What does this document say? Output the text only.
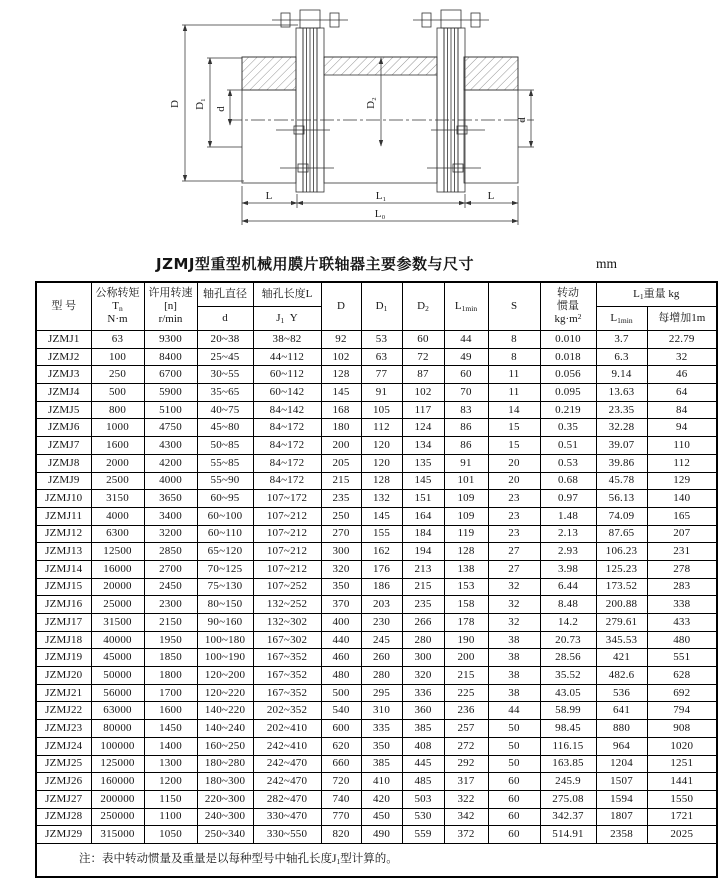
D D₁ d
D₂
d
L	L₁	L
L₀
JZMJ型重型机械用膜片联轴器主要参数与尺寸	mm
型 号	公称转矩
$T_n$
N·m	许用转速
[n]
r/min	轴孔直径	轴孔长度L	D	$D_1$	$D_2$	$L_{1min}$	S	转动
惯量
$kg\cdot m^2$	$L_1$重量 kg	
			d	$J_1$  Y							$L_{1min}$	每增加1m
JZMJ1	63	9300	20~38	38~82	92	53	60	44	8	0.010	3.7	22.79
JZMJ2	100	8400	25~45	44~112	102	63	72	49	8	0.018	6.3	32
JZMJ3	250	6700	30~55	60~112	128	77	87	60	11	0.056	9.14	46
JZMJ4	500	5900	35~65	60~142	145	91	102	70	11	0.095	13.63	64
JZMJ5	800	5100	40~75	84~142	168	105	117	83	14	0.219	23.35	84
JZMJ6	1000	4750	45~80	84~172	180	112	124	86	15	0.35	32.28	94
JZMJ7	1600	4300	50~85	84~172	200	120	134	86	15	0.51	39.07	110
JZMJ8	2000	4200	55~85	84~172	205	120	135	91	20	0.53	39.86	112
JZMJ9	2500	4000	55~90	84~172	215	128	145	101	20	0.68	45.78	129
JZMJ10	3150	3650	60~95	107~172	235	132	151	109	23	0.97	56.13	140
JZMJ11	4000	3400	60~100	107~212	250	145	164	109	23	1.48	74.09	165
JZMJ12	6300	3200	60~110	107~212	270	155	184	119	23	2.13	87.65	207
JZMJ13	12500	2850	65~120	107~212	300	162	194	128	27	2.93	106.23	231
JZMJ14	16000	2700	70~125	107~212	320	176	213	138	27	3.98	125.23	278
JZMJ15	20000	2450	75~130	107~252	350	186	215	153	32	6.44	173.52	283
JZMJ16	25000	2300	80~150	132~252	370	203	235	158	32	8.48	200.88	338
JZMJ17	31500	2150	90~160	132~302	400	230	266	178	32	14.2	279.61	433
JZMJ18	40000	1950	100~180	167~302	440	245	280	190	38	20.73	345.53	480
JZMJ19	45000	1850	100~190	167~352	460	260	300	200	38	28.56	421	551
JZMJ20	50000	1800	120~200	167~352	480	280	320	215	38	35.52	482.6	628
JZMJ21	56000	1700	120~220	167~352	500	295	336	225	38	43.05	536	692
JZMJ22	63000	1600	140~220	202~352	540	310	360	236	44	58.99	641	794
JZMJ23	80000	1450	140~240	202~410	600	335	385	257	50	98.45	880	908
JZMJ24	100000	1400	160~250	242~410	620	350	408	272	50	116.15	964	1020
JZMJ25	125000	1300	180~280	242~470	660	385	445	292	50	163.85	1204	1251
JZMJ26	160000	1200	180~300	242~470	720	410	485	317	60	245.9	1507	1441
JZMJ27	200000	1150	220~300	282~470	740	420	503	322	60	275.08	1594	1550
JZMJ28	250000	1100	240~300	330~470	770	450	530	342	60	342.37	1807	1721
JZMJ29	315000	1050	250~340	330~550	820	490	559	372	60	514.91	2358	2025
注：表中转动惯量及重量是以每种型号中轴孔长度$J_1$型计算的。												
